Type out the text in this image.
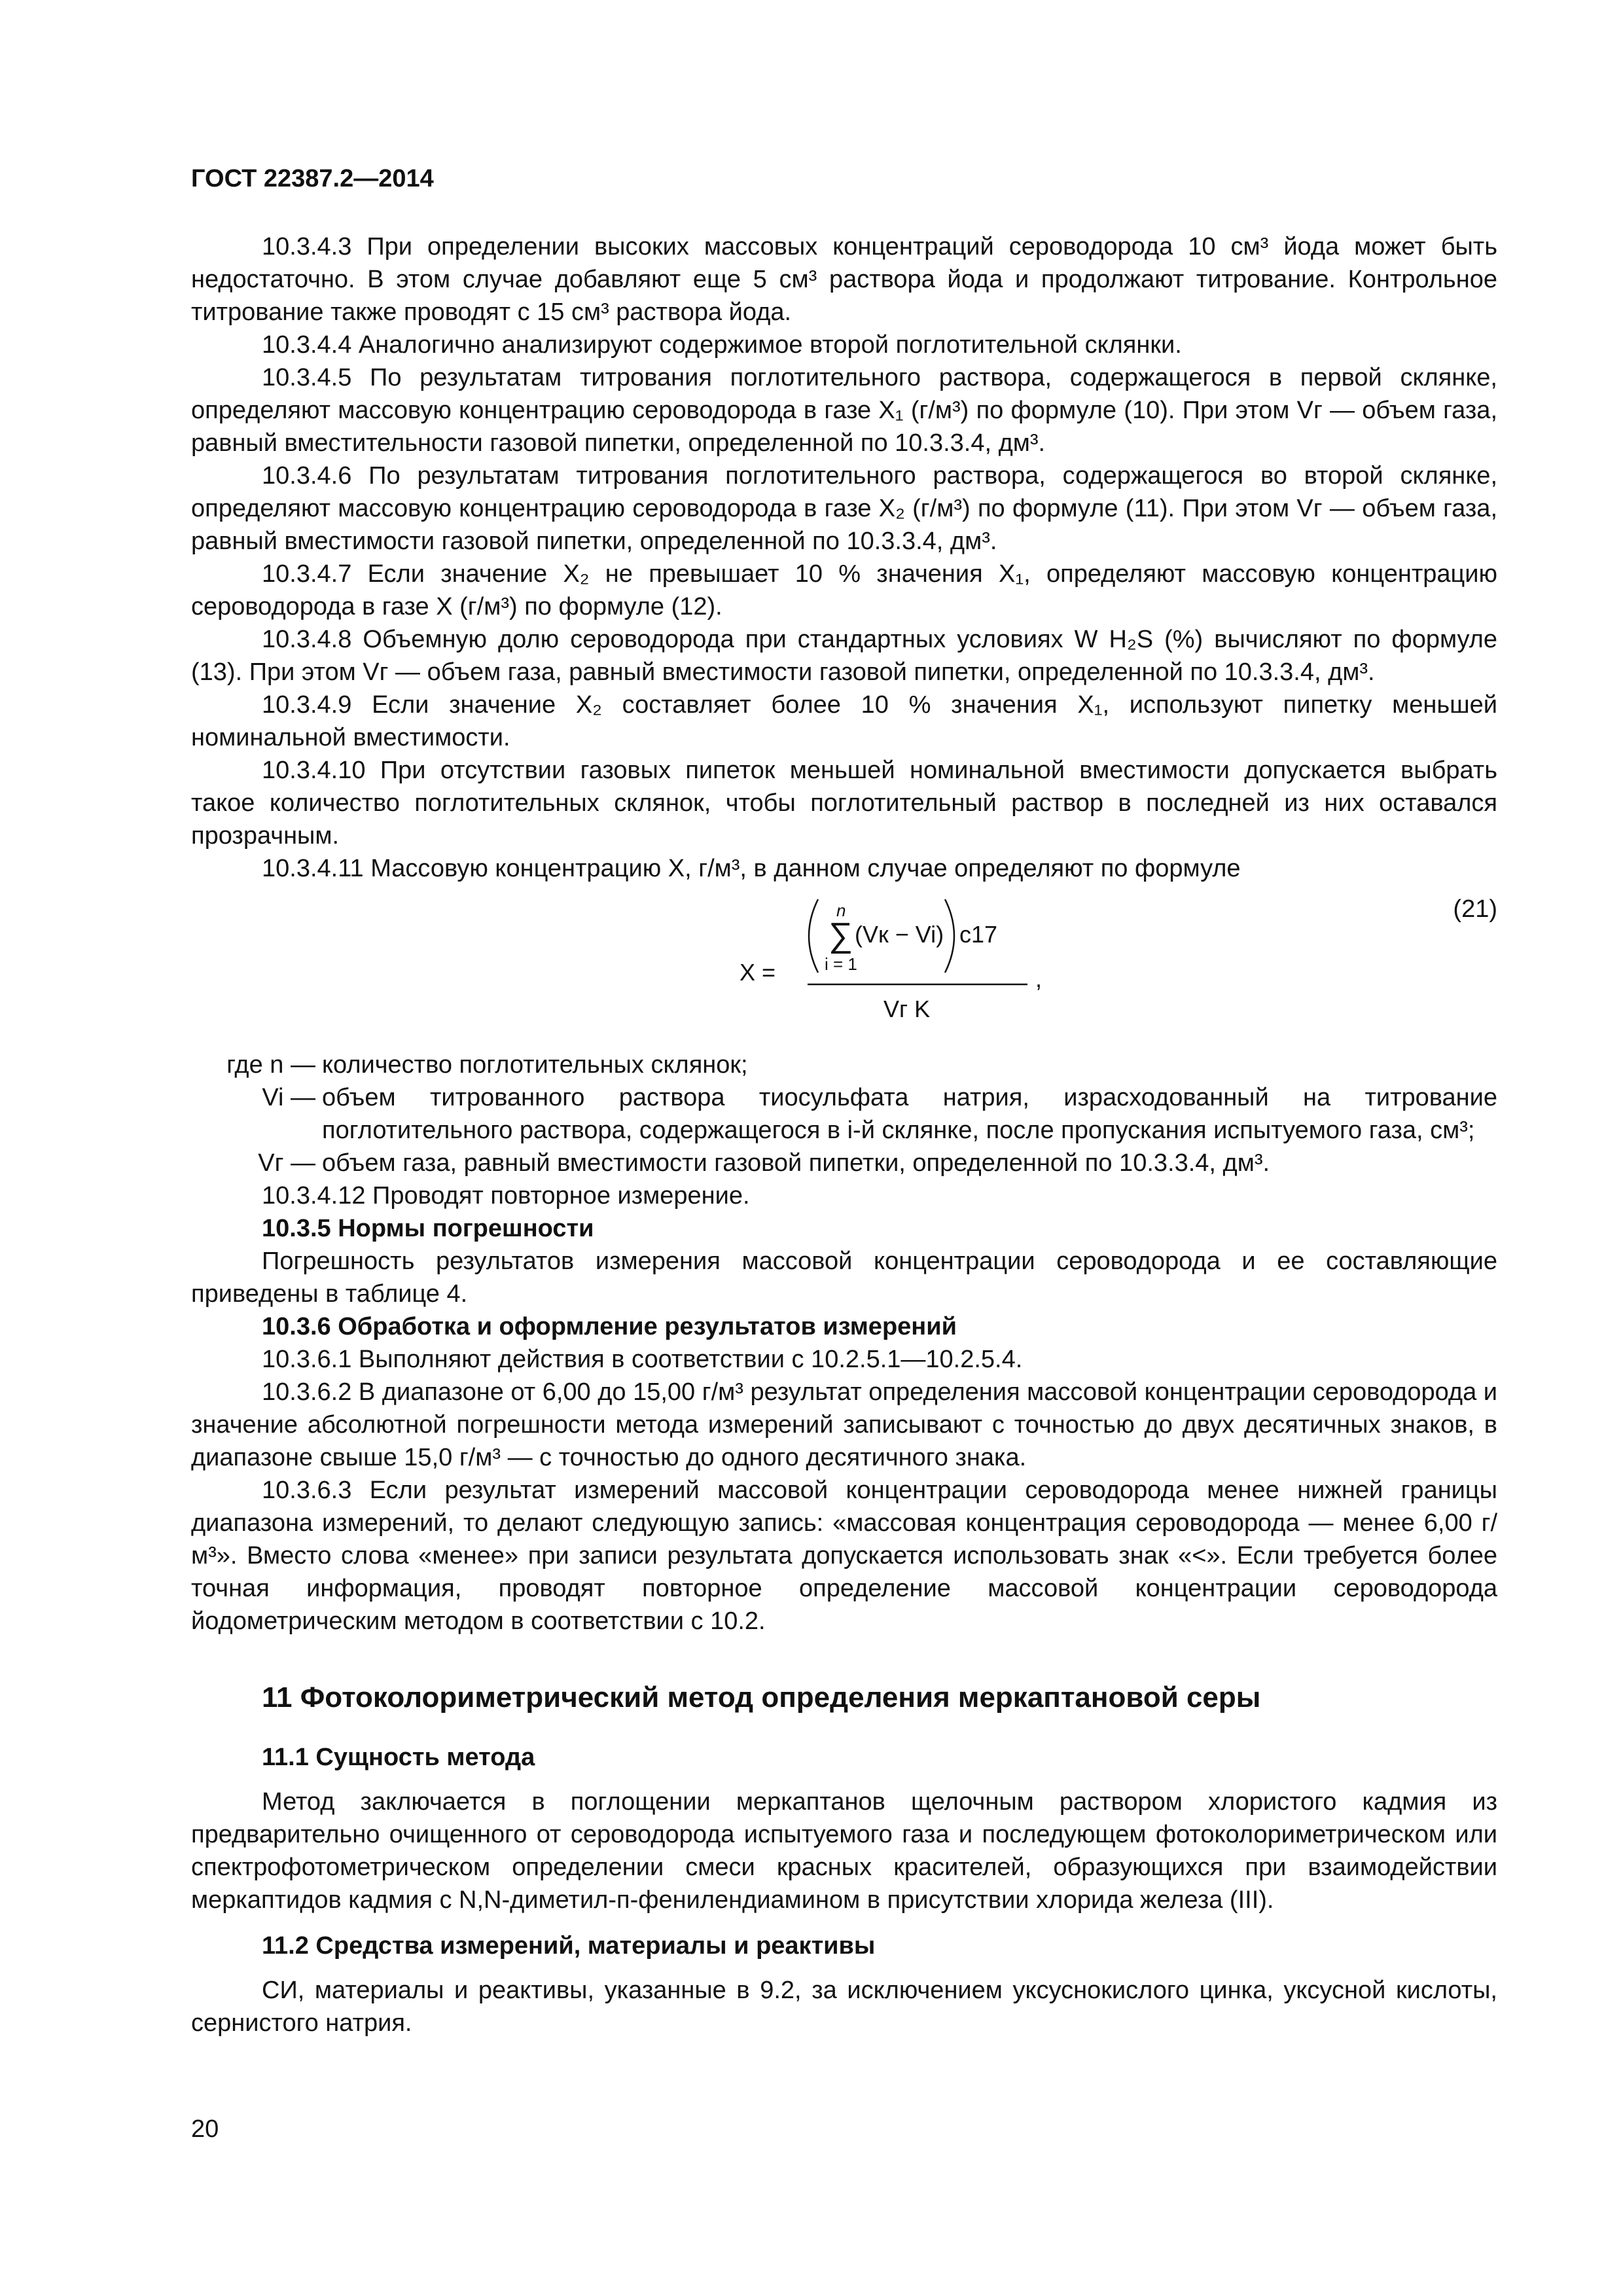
ГОСТ 22387.2—2014

10.3.4.3 При определении высоких массовых концентраций сероводорода 10 см³ йода может быть недостаточно. В этом случае добавляют еще 5 см³ раствора йода и продолжают титрование. Контрольное титрование также проводят с 15 см³ раствора йода.

10.3.4.4 Аналогично анализируют содержимое второй поглотительной склянки.

10.3.4.5 По результатам титрования поглотительного раствора, содержащегося в первой склянке, определяют массовую концентрацию сероводорода в газе X₁ (г/м³) по формуле (10). При этом Vг — объем газа, равный вместительности газовой пипетки, определенной по 10.3.3.4, дм³.

10.3.4.6 По результатам титрования поглотительного раствора, содержащегося во второй склянке, определяют массовую концентрацию сероводорода в газе X₂ (г/м³) по формуле (11). При этом Vг — объем газа, равный вместимости газовой пипетки, определенной по 10.3.3.4, дм³.

10.3.4.7 Если значение X₂ не превышает 10 % значения X₁, определяют массовую концентрацию сероводорода в газе X (г/м³) по формуле (12).

10.3.4.8 Объемную долю сероводорода при стандартных условиях W H₂S (%) вычисляют по формуле (13). При этом Vг — объем газа, равный вместимости газовой пипетки, определенной по 10.3.3.4, дм³.

10.3.4.9 Если значение X₂ составляет более 10 % значения X₁, используют пипетку меньшей номинальной вместимости.

10.3.4.10 При отсутствии газовых пипеток меньшей номинальной вместимости допускается выбрать такое количество поглотительных склянок, чтобы поглотительный раствор в последней из них оставался прозрачным.

10.3.4.11 Массовую концентрацию X, г/м³, в данном случае определяют по формуле

(21)
X =
n
∑
i = 1
(Vк − Vi) c17
Vг K
,
где n — количество поглотительных склянок;
Vi — объем титрованного раствора тиосульфата натрия, израсходованный на титрование поглотительного раствора, содержащегося в i-й склянке, после пропускания испытуемого газа, см³;
Vг — объем газа, равный вместимости газовой пипетки, определенной по 10.3.3.4, дм³.

10.3.4.12 Проводят повторное измерение.

10.3.5 Нормы погрешности

Погрешность результатов измерения массовой концентрации сероводорода и ее составляющие приведены в таблице 4.

10.3.6 Обработка и оформление результатов измерений

10.3.6.1 Выполняют действия в соответствии с 10.2.5.1—10.2.5.4.

10.3.6.2 В диапазоне от 6,00 до 15,00 г/м³ результат определения массовой концентрации сероводорода и значение абсолютной погрешности метода измерений записывают с точностью до двух десятичных знаков, в диапазоне свыше 15,0 г/м³ — с точностью до одного десятичного знака.

10.3.6.3 Если результат измерений массовой концентрации сероводорода менее нижней границы диапазона измерений, то делают следующую запись: «массовая концентрация сероводорода — менее 6,00 г/м³». Вместо слова «менее» при записи результата допускается использовать знак «<». Если требуется более точная информация, проводят повторное определение массовой концентрации сероводорода йодометрическим методом в соответствии с 10.2.

11 Фотоколориметрический метод определения меркаптановой серы
11.1 Сущность метода

Метод заключается в поглощении меркаптанов щелочным раствором хлористого кадмия из предварительно очищенного от сероводорода испытуемого газа и последующем фотоколориметрическом или спектрофотометрическом определении смеси красных красителей, образующихся при взаимодействии меркаптидов кадмия с N,N-диметил-п-фенилендиамином в присутствии хлорида железа (III).

11.2 Средства измерений, материалы и реактивы

СИ, материалы и реактивы, указанные в 9.2, за исключением уксуснокислого цинка, уксусной кислоты, сернистого натрия.

20
